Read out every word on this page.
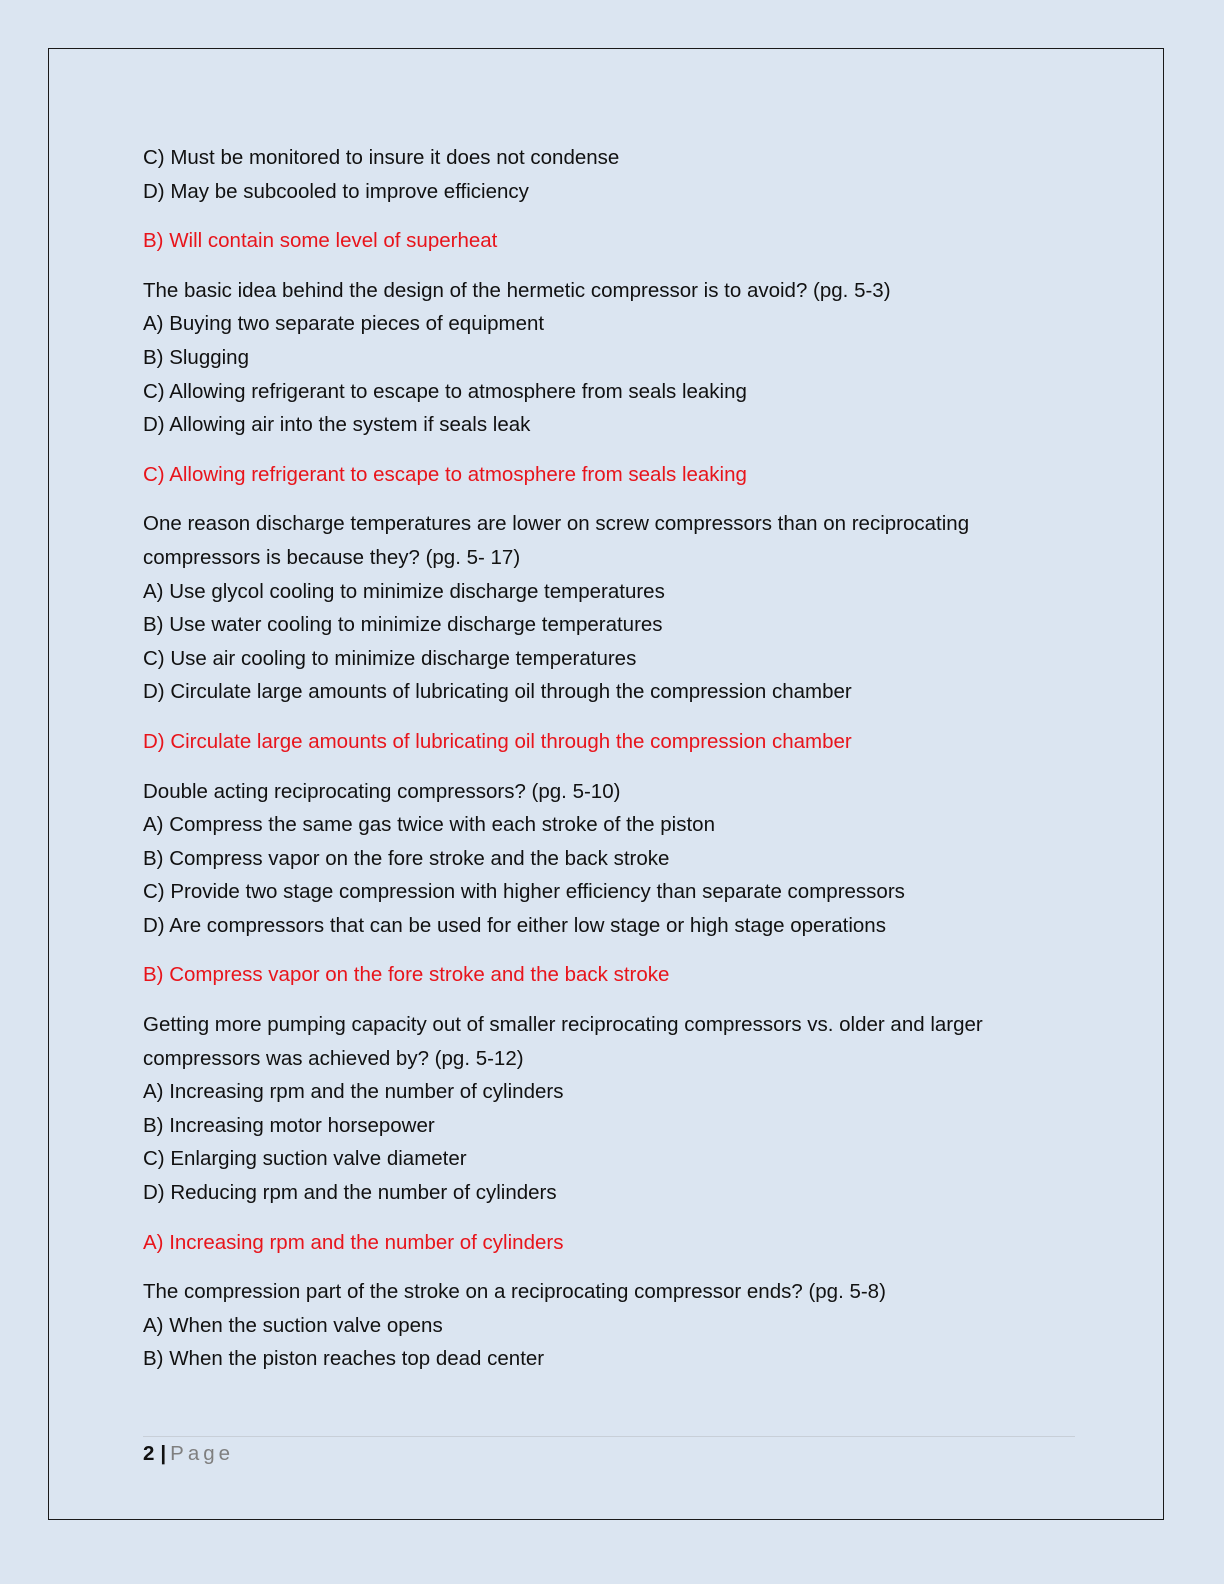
C) Must be monitored to insure it does not condense
D) May be subcooled to improve efficiency
B) Will contain some level of superheat
The basic idea behind the design of the hermetic compressor is to avoid? (pg. 5-3)
A) Buying two separate pieces of equipment
B) Slugging
C) Allowing refrigerant to escape to atmosphere from seals leaking
D) Allowing air into the system if seals leak
C) Allowing refrigerant to escape to atmosphere from seals leaking
One reason discharge temperatures are lower on screw compressors than on reciprocating
compressors is because they? (pg. 5- 17)
A) Use glycol cooling to minimize discharge temperatures
B) Use water cooling to minimize discharge temperatures
C) Use air cooling to minimize discharge temperatures
D) Circulate large amounts of lubricating oil through the compression chamber
D) Circulate large amounts of lubricating oil through the compression chamber
Double acting reciprocating compressors? (pg. 5-10)
A) Compress the same gas twice with each stroke of the piston
B) Compress vapor on the fore stroke and the back stroke
C) Provide two stage compression with higher efficiency than separate compressors
D) Are compressors that can be used for either low stage or high stage operations
B) Compress vapor on the fore stroke and the back stroke
Getting more pumping capacity out of smaller reciprocating compressors vs. older and larger
compressors was achieved by? (pg. 5-12)
A) Increasing rpm and the number of cylinders
B) Increasing motor horsepower
C) Enlarging suction valve diameter
D) Reducing rpm and the number of cylinders
A) Increasing rpm and the number of cylinders
The compression part of the stroke on a reciprocating compressor ends? (pg. 5-8)
A) When the suction valve opens
B) When the piston reaches top dead center
2 | Page
